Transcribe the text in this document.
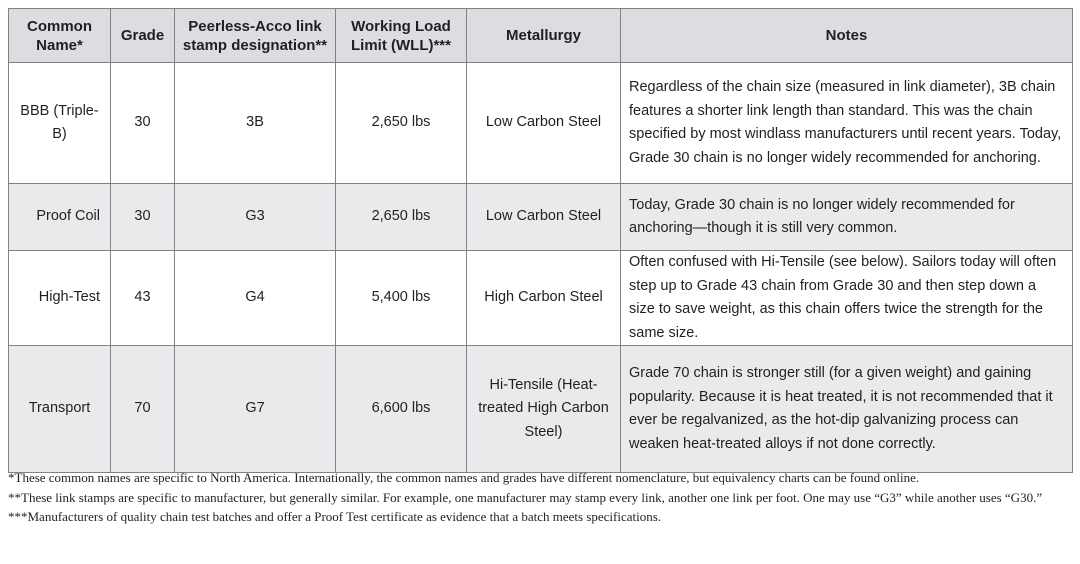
Common Name*	Grade	Peerless-Acco link stamp designation**	Working Load Limit (WLL)***	Metallurgy	Notes
BBB (Triple-B)	30	3B	2,650 lbs	Low Carbon Steel	Regardless of the chain size (measured in link diameter), 3B chain features a shorter link length than standard. This was the chain specified by most windlass manufacturers until recent years. Today, Grade 30 chain is no longer widely recommended for anchoring.
Proof Coil	30	G3	2,650 lbs	Low Carbon Steel	Today, Grade 30 chain is no longer widely recommended for anchoring—though it is still very common.
High-Test	43	G4	5,400 lbs	High Carbon Steel	Often confused with Hi-Tensile (see below). Sailors today will often step up to Grade 43 chain from Grade 30 and then step down a size to save weight, as this chain offers twice the strength for the same size.
Transport	70	G7	6,600 lbs	Hi-Tensile (Heat- treated High Carbon Steel)	Grade 70 chain is stronger still (for a given weight) and gaining popularity. Because it is heat treated, it is not recommended that it ever be regalvanized, as the hot-dip galvanizing process can weaken heat-treated alloys if not done correctly.

*These common names are specific to North America. Internationally, the common names and grades have different nomenclature, but equivalency charts can be found online.

**These link stamps are specific to manufacturer, but generally similar. For example, one manufacturer may stamp every link, another one link per foot. One may use “G3” while another uses “G30.”

***Manufacturers of quality chain test batches and offer a Proof Test certificate as evidence that a batch meets specifications.
